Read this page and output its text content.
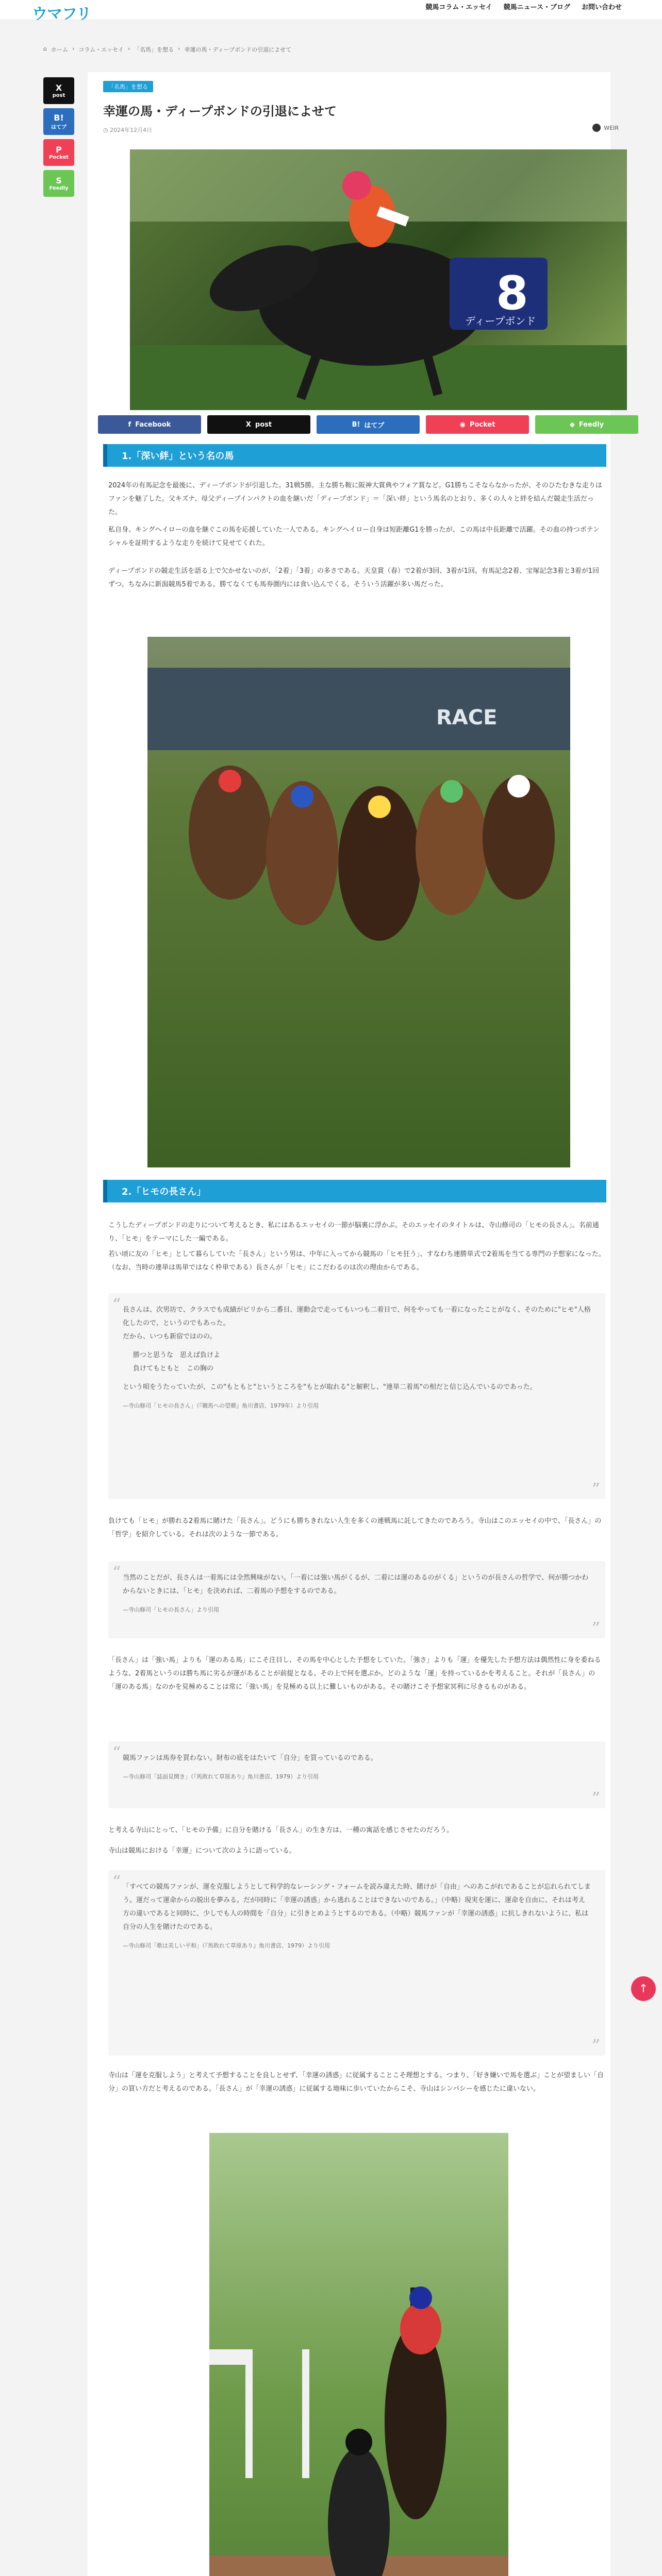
ウマフリ	競馬コラム・エッセイ 競馬ニュース・ブログ お問い合わせ
⌂ ホーム › コラム・エッセイ › 「名馬」を想る › 幸運の馬・ディープボンドの引退によせて
X
post
B!
はてブ
P
Pocket
S
Feedly
「名馬」を想る
幸運の馬・ディープボンドの引退によせて
◷ 2024年12月4日	WEIR
8
ディープボンド
f Facebook	X post	B! はてブ	◉ Pocket	◆ Feedly
1.「深い絆」という名の馬
2024年の有馬記念を最後に、ディープボンドが引退した。31戦5勝。主な勝ち鞍に阪神大賞典やフォア賞など。G1勝ちこそならなかったが、そのひたむきな走りはファンを魅了した。父キズナ、母父ディープインパクトの血を継いだ「ディープボンド」＝「深い絆」という馬名のとおり、多くの人々と絆を結んだ競走生活だった。
私自身、キングヘイローの血を継ぐこの馬を応援していた一人である。キングヘイロー自身は短距離G1を勝ったが、この馬は中長距離で活躍。その血の持つポテンシャルを証明するような走りを続けて見せてくれた。
ディープボンドの競走生活を語る上で欠かせないのが、「2着」「3着」の多さである。天皇賞（春）で2着が3回、3着が1回。有馬記念2着、宝塚記念3着と3着が1回ずつ。ちなみに新潟競馬5着である。勝てなくても馬券圏内には食い込んでくる。そういう活躍が多い馬だった。
RACE
2.「ヒモの長さん」
こうしたディープボンドの走りについて考えるとき、私にはあるエッセイの一節が脳裏に浮かぶ。そのエッセイのタイトルは、寺山修司の「ヒモの長さん」。名前通り、「ヒモ」をテーマにした一編である。
若い頃に友の「ヒモ」として暮らしていた「長さん」という男は、中年に入ってから競馬の「ヒモ狂う」、すなわち連勝単式で2着馬を当てる専門の予想家になった。（なお、当時の連単は馬単ではなく枠単である）長さんが「ヒモ」にこだわるのは次の理由からである。
“ 長さんは、次男坊で、クラスでも成績がビリから二番目、運動会で走ってもいつも二着目で、何をやっても一着になったことがなく、そのために"ヒモ"人格化したので、というのでもあった。
だから、いつも新宿ではのの。
勝つと思うな　思えば負けよ
負けてもともと　この胸の
という唄をうたっていたが、この"もともと"というところを"もとが取れる"と解釈し、"連単二着馬"の相だと信じ込んでいるのであった。
—寺山修司「ヒモの長さん」（『競馬への望郷』角川書店、1979年）より引用
”
負けても「ヒモ」が勝れる2着馬に賭けた「長さん」。どうにも勝ちきれない人生を多くの連戦馬に託してきたのであろう。寺山はこのエッセイの中で、「長さん」の「哲学」を紹介している。それは次のような一節である。
“ 当然のことだが、長さんは一着馬には全然興味がない。「一着には強い馬がくるが、二着には運のあるのがくる」というのが長さんの哲学で、何が勝つかわからないときには、「ヒモ」を決めれば、二着馬の予想をするのである。
—寺山修司「ヒモの長さん」より引用
”
「長さん」は「強い馬」よりも「運のある馬」にこそ注目し、その馬を中心とした予想をしていた。「強さ」よりも「運」を優先した予想方法は偶然性に身を委ねるような、2着馬というのは勝ち馬に劣るが運があることが前提となる。その上で何を選ぶか。どのような「運」を持っているかを考えること。それが「長さん」の「運のある馬」なのかを見極めることは常に「強い馬」を見極める以上に難しいものがある。その賭けこそ予想家冥利に尽きるものがある。
“ 競馬ファンは馬券を買わない。財布の底をはたいて「自分」を買っているのである。
—寺山修司「誌面見開き」（『馬敗れて草原あり』角川書店、1979）より引用
”
と考える寺山にとって、「ヒモの予備」に自分を賭ける「長さん」の生き方は、一種の寓話を感じさせたのだろう。
寺山は競馬における「幸運」について次のように語っている。
“ 「すべての競馬ファンが、運を克服しようとして科学的なレーシング・フォームを読み違えた時、賭けが「自由」へのあこがれであることが忘れられてしまう。運だって運命からの脱出を夢みる。だが同時に「幸運の誘惑」から逃れることはできないのである。」（中略）現実を運に、運命を自由に、それは考え方の違いであると同時に、少しでも人の時間を「自分」に引きとめようとするのである。（中略）競馬ファンが「幸運の誘惑」に抗しきれないように、私は自分の人生を賭けたのである。
—寺山修司「歌は美しい平和」（『馬敗れて草原あり』角川書店、1979）より引用
”
↑
寺山は「運を克服しよう」と考えて予想することを良しとせず、「幸運の誘惑」に従属することこそ理想とする。つまり、「好き嫌いで馬を選ぶ」ことが望ましい「自分」の買い方だと考えるのである。「長さん」が「幸運の誘惑」に従属する地味に歩いていたからこそ、寺山はシンパシーを感じたに違いない。
